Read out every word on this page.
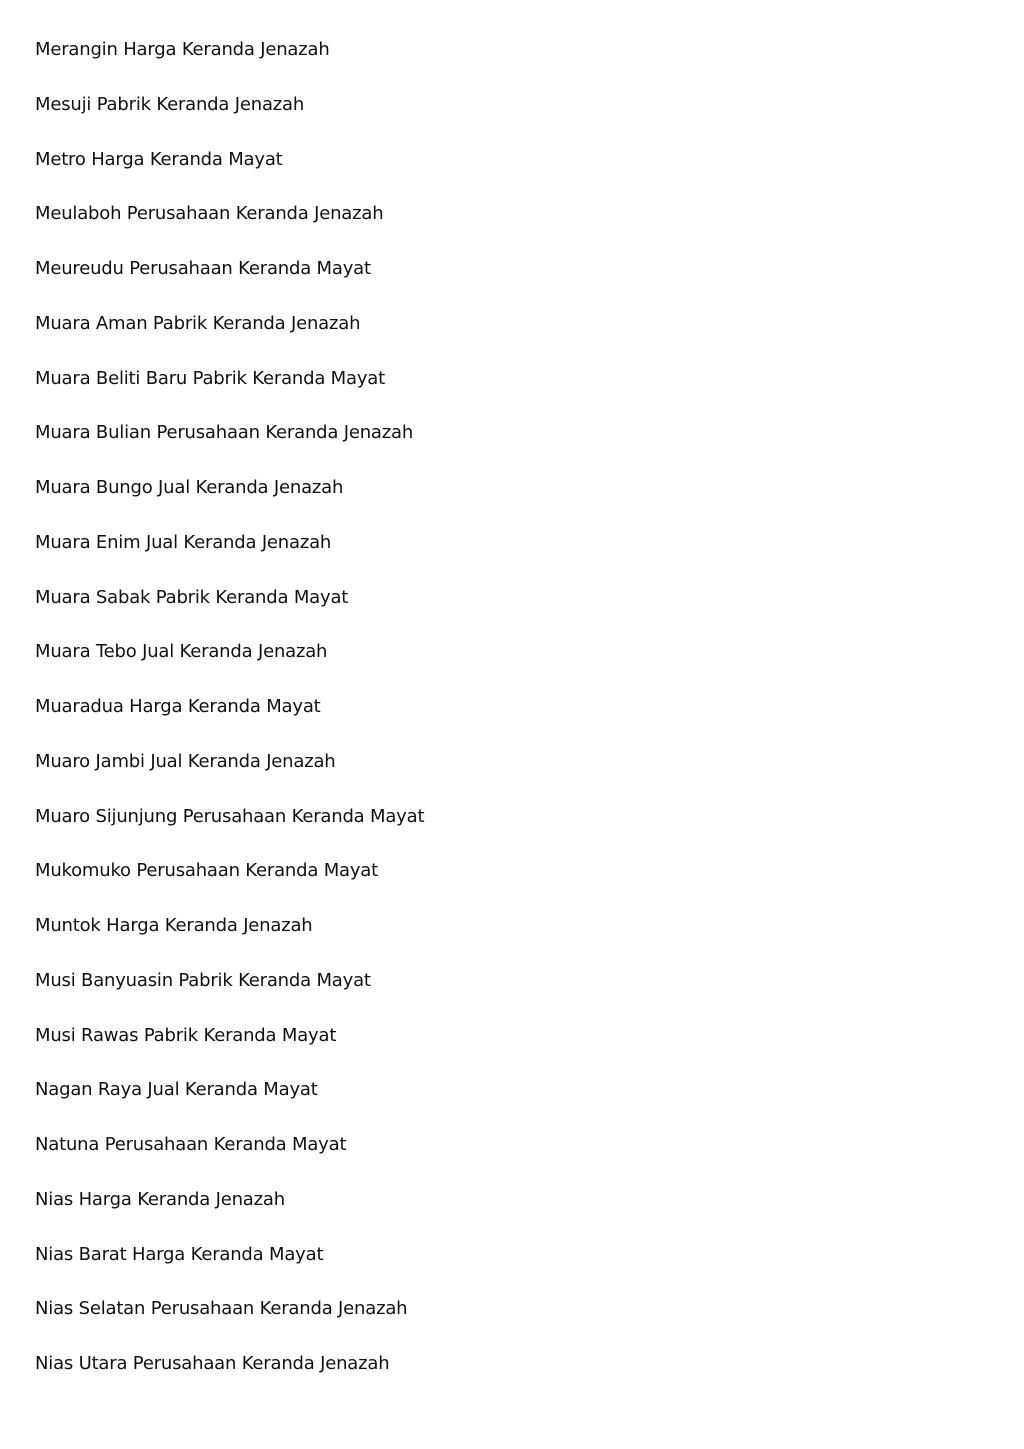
Merangin Harga Keranda Jenazah
Mesuji Pabrik Keranda Jenazah
Metro Harga Keranda Mayat
Meulaboh Perusahaan Keranda Jenazah
Meureudu Perusahaan Keranda Mayat
Muara Aman Pabrik Keranda Jenazah
Muara Beliti Baru Pabrik Keranda Mayat
Muara Bulian Perusahaan Keranda Jenazah
Muara Bungo Jual Keranda Jenazah
Muara Enim Jual Keranda Jenazah
Muara Sabak Pabrik Keranda Mayat
Muara Tebo Jual Keranda Jenazah
Muaradua Harga Keranda Mayat
Muaro Jambi Jual Keranda Jenazah
Muaro Sijunjung Perusahaan Keranda Mayat
Mukomuko Perusahaan Keranda Mayat
Muntok Harga Keranda Jenazah
Musi Banyuasin Pabrik Keranda Mayat
Musi Rawas Pabrik Keranda Mayat
Nagan Raya Jual Keranda Mayat
Natuna Perusahaan Keranda Mayat
Nias Harga Keranda Jenazah
Nias Barat Harga Keranda Mayat
Nias Selatan Perusahaan Keranda Jenazah
Nias Utara Perusahaan Keranda Jenazah
